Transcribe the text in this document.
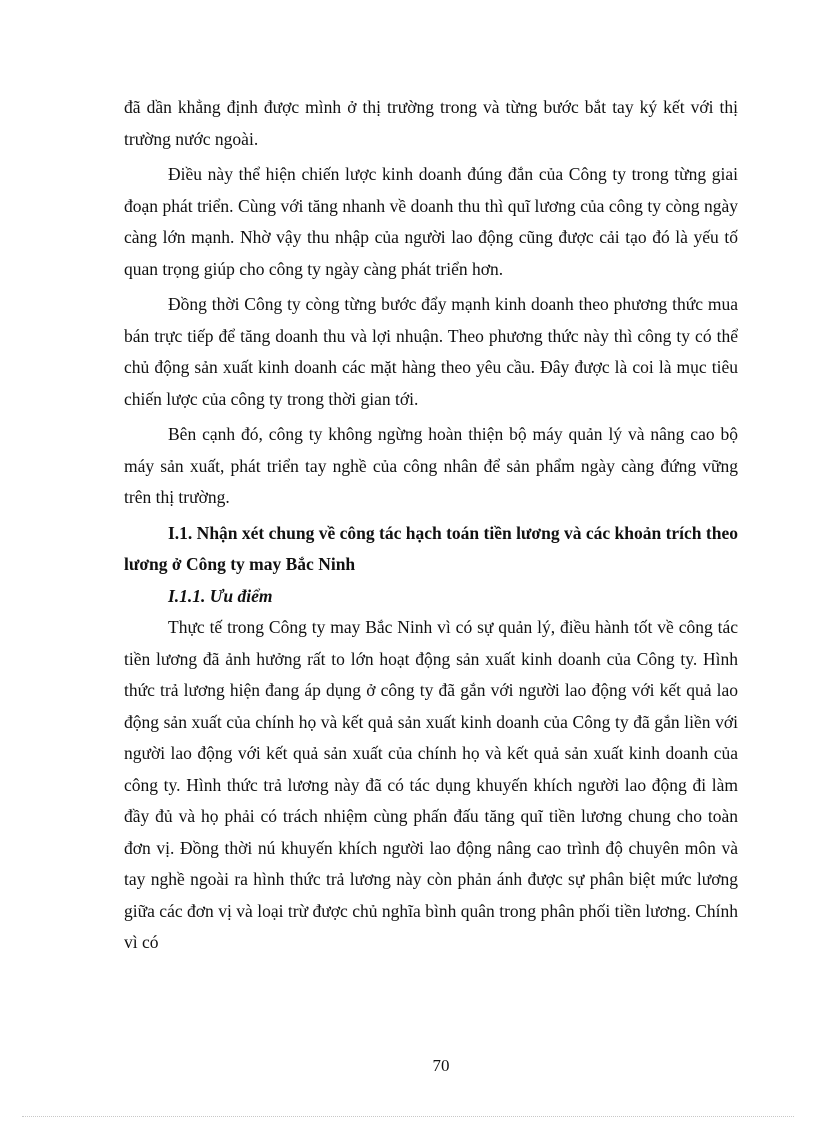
đã dần khẳng định được mình ở thị trường trong và từng bước bắt tay ký kết với thị trường nước ngoài.

Điều này thể hiện chiến lược kinh doanh đúng đắn của Công ty trong từng giai đoạn phát triển. Cùng với tăng nhanh về doanh thu thì quĩ lương của công ty còng ngày càng lớn mạnh. Nhờ vậy thu nhập của người lao động cũng được cải tạo đó là yếu tố quan trọng giúp cho công ty ngày càng phát triển hơn.

Đồng thời Công ty còng từng bước đẩy mạnh kinh doanh theo phương thức mua bán trực tiếp để tăng doanh thu và lợi nhuận. Theo phương thức này thì công ty có thể chủ động sản xuất kinh doanh các mặt hàng theo yêu cầu. Đây được là coi là mục tiêu chiến lược của công ty trong thời gian tới.

Bên cạnh đó, công ty không ngừng hoàn thiện bộ máy quản lý và nâng cao bộ máy sản xuất, phát triển tay nghề của công nhân để sản phẩm ngày càng đứng vững trên thị trường.

I.1. Nhận xét chung về công tác hạch toán tiền lương và các khoản trích theo lương ở Công ty may Bắc Ninh

I.1.1. Ưu điểm

Thực tế trong Công ty may Bắc Ninh vì có sự quản lý, điều hành tốt về công tác tiền lương đã ảnh hưởng rất to lớn hoạt động sản xuất kinh doanh của Công ty. Hình thức trả lương hiện đang áp dụng ở công ty đã gắn với người lao động với kết quả lao động sản xuất của chính họ và kết quả sản xuất kinh doanh của Công ty đã gắn liền với người lao động với kết quả sản xuất của chính họ và kết quả sản xuất kinh doanh của công ty. Hình thức trả lương này đã có tác dụng khuyến khích người lao động đi làm đầy đủ và họ phải có trách nhiệm cùng phấn đấu tăng quĩ tiền lương chung cho toàn đơn vị. Đồng thời nú khuyến khích người lao động nâng cao trình độ chuyên môn và tay nghề ngoài ra hình thức trả lương này còn phản ánh được sự phân biệt mức lương giữa các đơn vị và loại trừ được chủ nghĩa bình quân trong phân phối tiền lương. Chính vì có

70
